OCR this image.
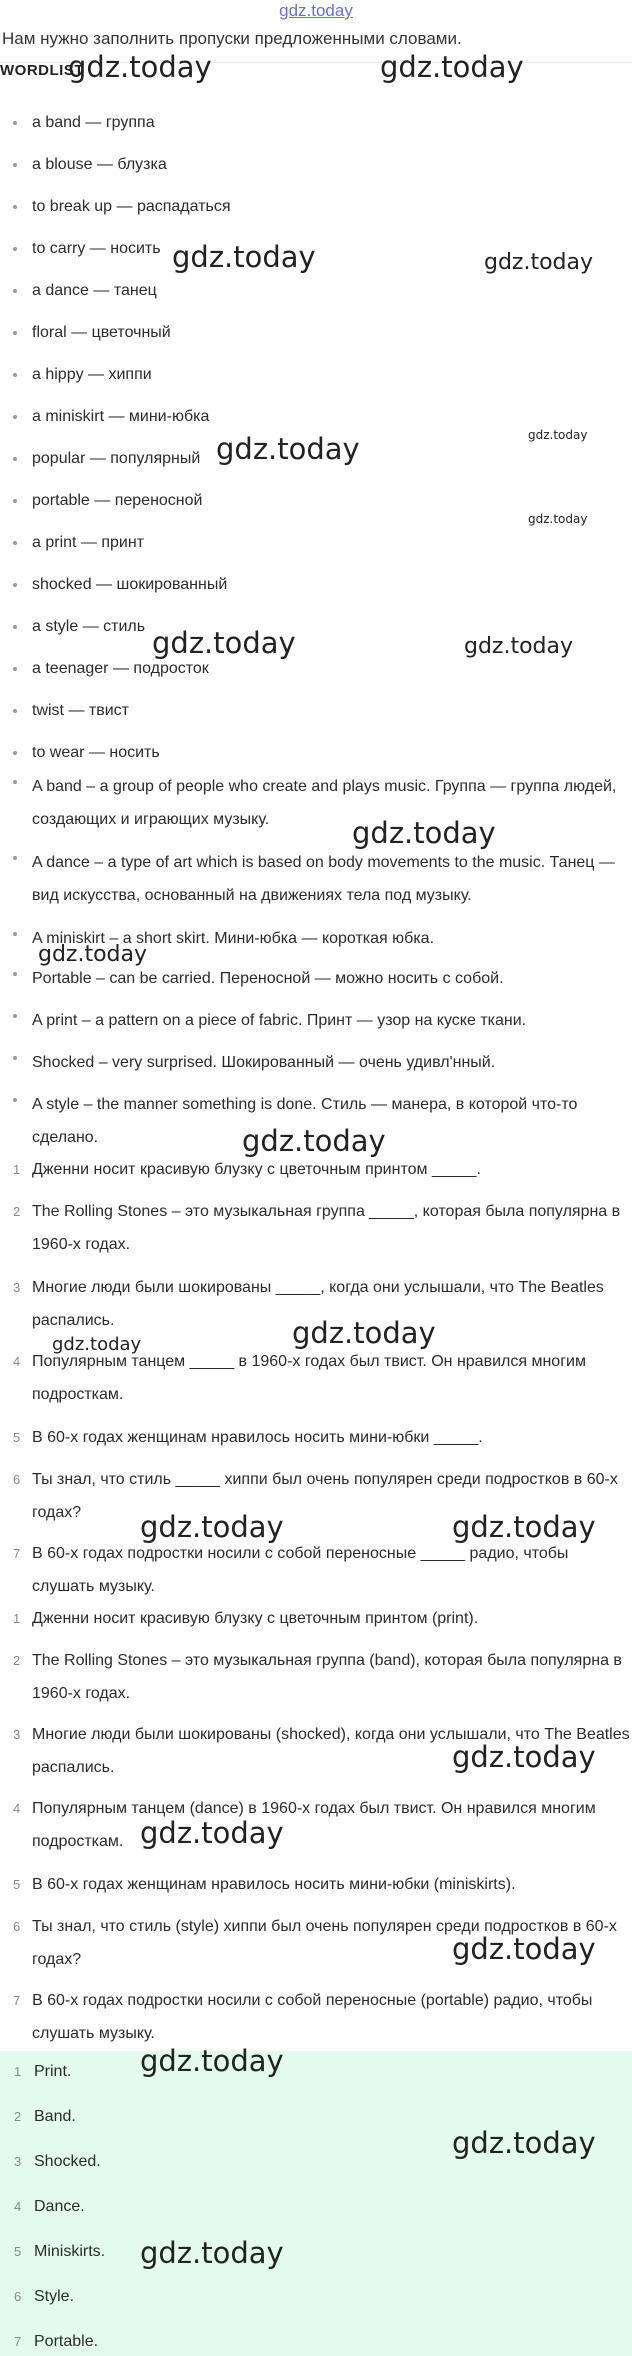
gdz.today
Нам нужно заполнить пропуски предложенными словами.
WORDLIST
a band — группа
a blouse — блузка
to break up — распадаться
to carry — носить
a dance — танец
floral — цветочный
a hippy — хиппи
a miniskirt — мини-юбка
popular — популярный
portable — переносной
a print — принт
shocked — шокированный
a style — стиль
a teenager — подросток
twist — твист
to wear — носить
A band – a group of people who create and plays music. Группа — группа людей, создающих и играющих музыку.
A dance – a type of art which is based on body movements to the music. Танец — вид искусства, основанный на движениях тела под музыку.
A miniskirt – a short skirt. Мини-юбка — короткая юбка.
Portable – can be carried. Переносной — можно носить с собой.
A print – a pattern on a piece of fabric. Принт — узор на куске ткани.
Shocked – very surprised. Шокированный — очень удивл'нный.
A style – the manner something is done. Стиль — манера, в которой что-то сделано.
1 Дженни носит красивую блузку с цветочным принтом _____.
2 The Rolling Stones – это музыкальная группа _____, которая была популярна в 1960-х годах.
3 Многие люди были шокированы _____, когда они услышали, что The Beatles распались.
4 Популярным танцем _____ в 1960-х годах был твист. Он нравился многим подросткам.
5 В 60-х годах женщинам нравилось носить мини-юбки _____.
6 Ты знал, что стиль _____ хиппи был очень популярен среди подростков в 60-х годах?
7 В 60-х годах подростки носили с собой переносные _____ радио, чтобы слушать музыку.
1 Дженни носит красивую блузку с цветочным принтом (print).
2 The Rolling Stones – это музыкальная группа (band), которая была популярна в 1960-х годах.
3 Многие люди были шокированы (shocked), когда они услышали, что The Beatles распались.
4 Популярным танцем (dance) в 1960-х годах был твист. Он нравился многим подросткам.
5 В 60-х годах женщинам нравилось носить мини-юбки (miniskirts).
6 Ты знал, что стиль (style) хиппи был очень популярен среди подростков в 60-х годах?
7 В 60-х годах подростки носили с собой переносные (portable) радио, чтобы слушать музыку.
1 Print.
2 Band.
3 Shocked.
4 Dance.
5 Miniskirts.
6 Style.
7 Portable.
gdz.today	gdz.today
gdz.today	gdz.today
gdz.today
gdz.today
gdz.today
gdz.today	gdz.today
gdz.today
gdz.today
gdz.today
gdz.today
gdz.today
gdz.today	gdz.today
gdz.today
gdz.today
gdz.today
gdz.today
gdz.today
gdz.today
